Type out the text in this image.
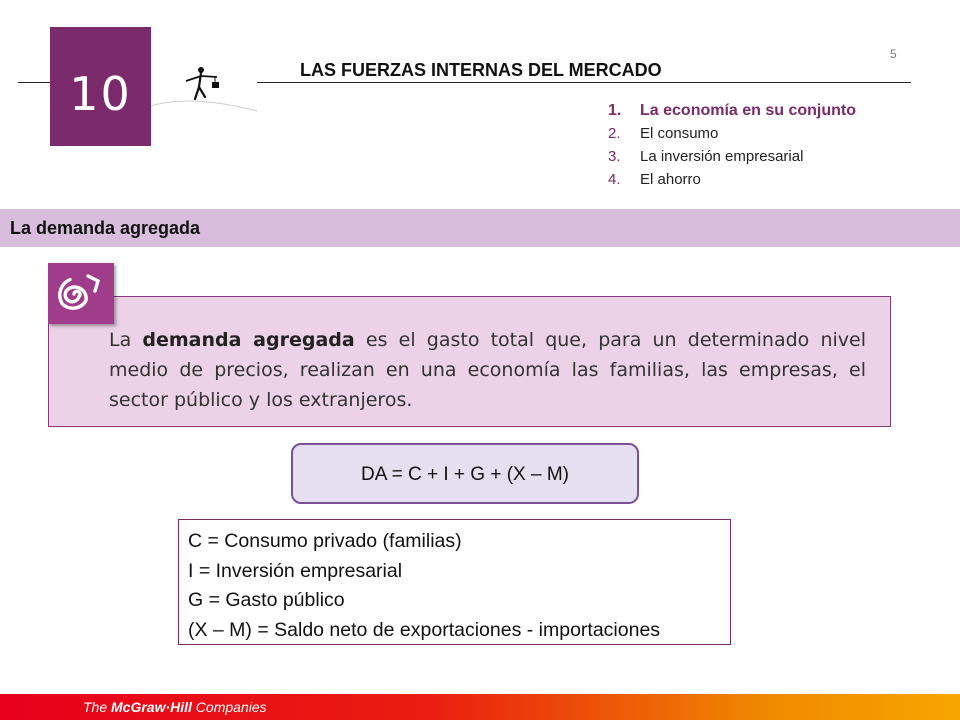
10	LAS FUERZAS INTERNAS DEL MERCADO
5
1.	La economía en su conjunto
2.	El consumo
3.	La inversión empresarial
4.	El ahorro
La demanda agregada
La demanda agregada es el gasto total que, para un determinado nivel medio de precios, realizan en una economía las familias, las empresas, el sector público y los extranjeros.
DA = C + I + G + (X – M)
C = Consumo privado (familias)
I = Inversión empresarial
G = Gasto público
(X – M) = Saldo neto de exportaciones - importaciones
The McGraw·Hill Companies
